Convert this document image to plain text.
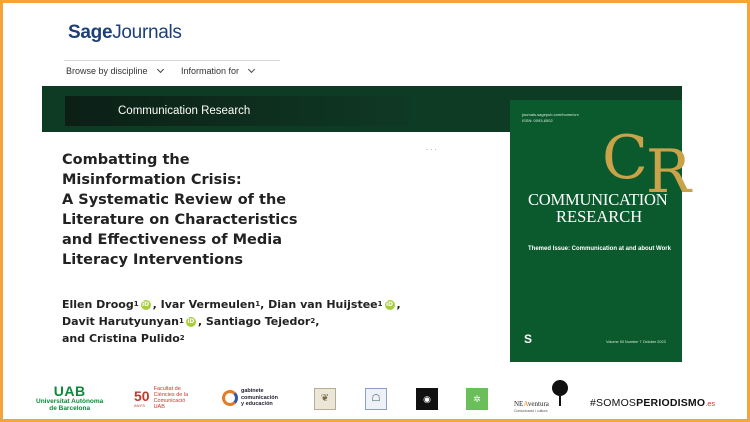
SageJournals
Browse by discipline	Information for
Communication Research
Combatting the
Misinformation Crisis:
A Systematic Review of the
Literature on Characteristics
and Effectiveness of Media
Literacy Interventions
...
Ellen Droog 1 iD , Ivar Vermeulen 1 , Dian van Huijstee 1 iD ,
Davit Harutyunyan 1 iD , Santiago Tejedor 2 ,
and Cristina Pulido 2
journals.sagepub.com/home/crx
ISSN: 0093-6502
C R
COMMUNICATION
RESEARCH
Themed Issue: Communication at and about Work
S	Volume 50 Number 7 October 2023
UAB
Universitat Autònoma
de Barcelona
50
ANYS
Facultat de
Ciències de la
Comunicació
UAB
gabinete
comunicación
y educación	❦	☖	◉	✲	NEAventura
Comunicació i cultura
#SOMOSPERIODISMO.es
